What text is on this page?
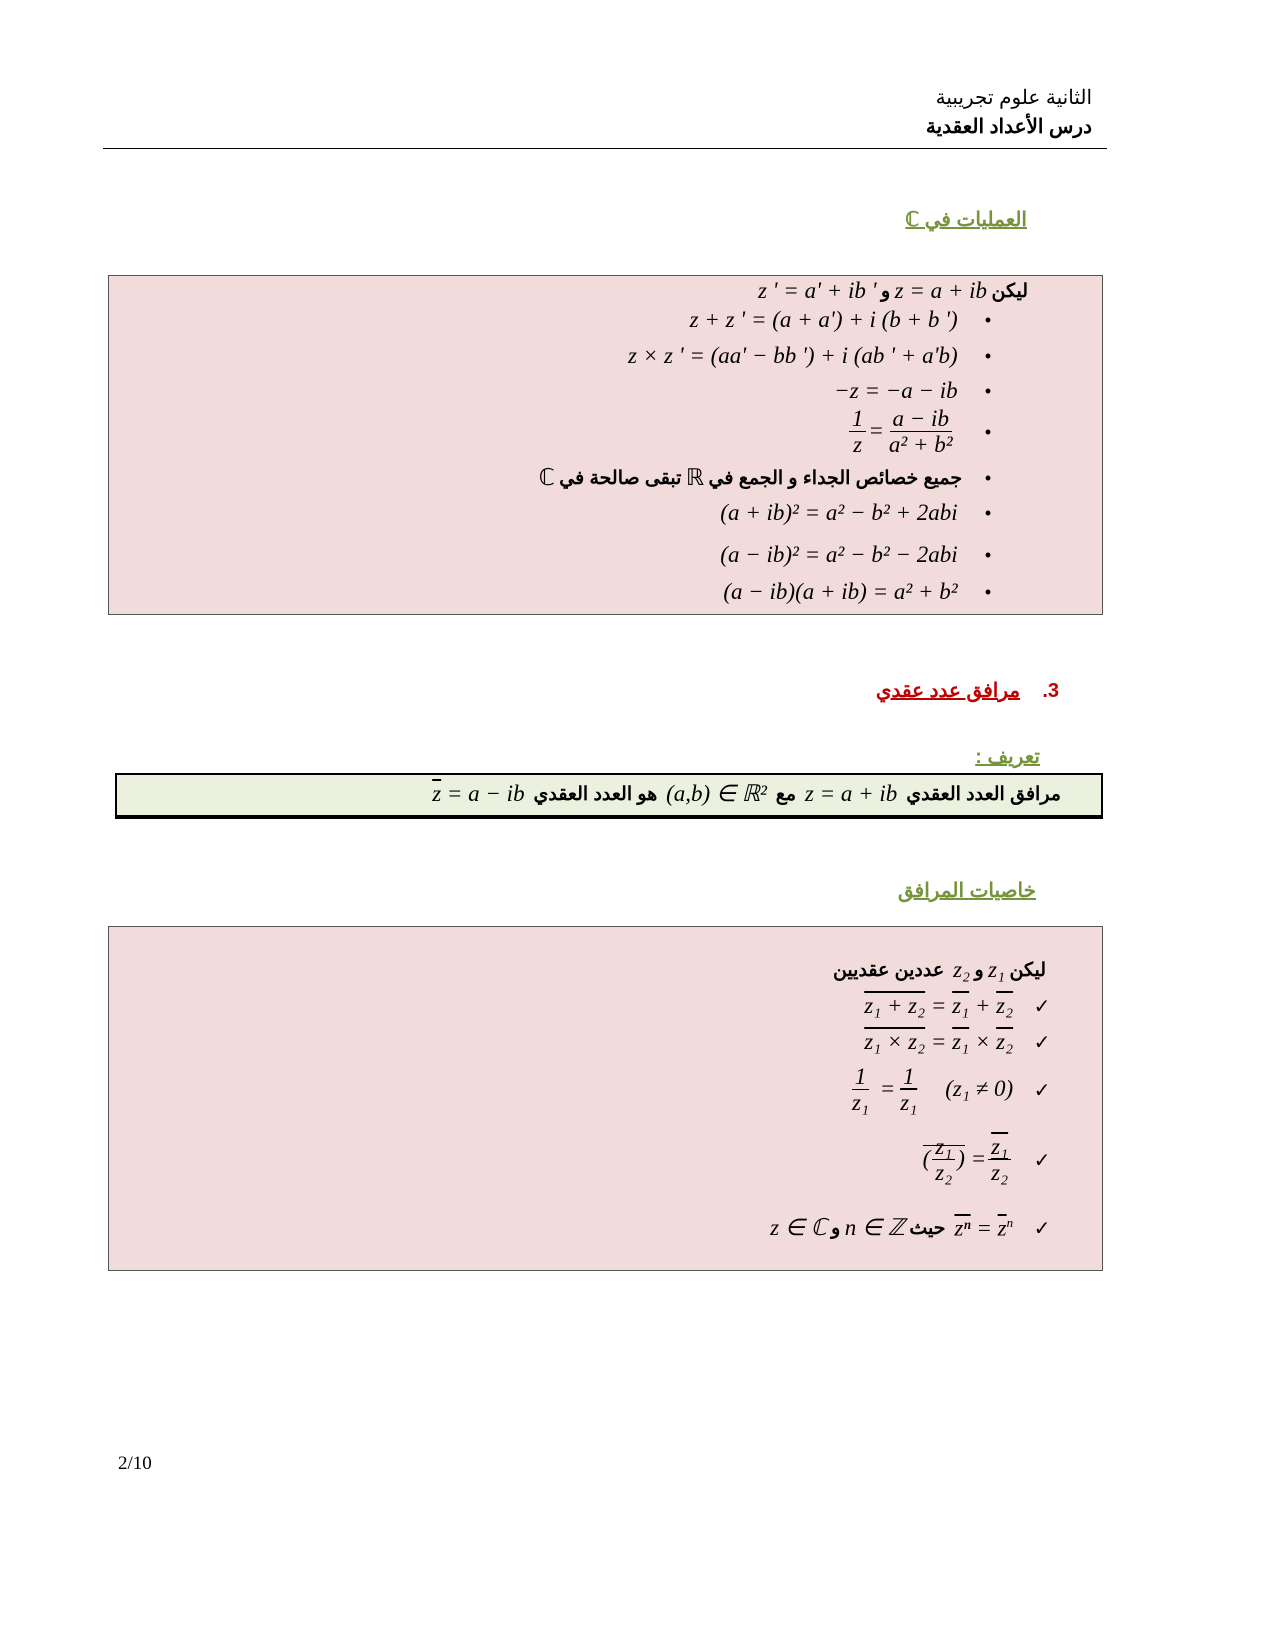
الثانية علوم تجريبية
درس الأعداد العقدية
العمليات في ℂ
ليكن

z = a + ib

و

z ' = a' + ib '
•

z + z ' = (a + a') + i (b + b ')
•

z × z ' = (aa' − bb ') + i (ab ' + a'b)
•

−z = −a − ib
•

$\frac{1}{z} = \frac{a - ib}{\text{a² + b²}}$
•

جميع خصائص الجداء و الجمع في

ℝ

تبقى صالحة في

ℂ
•

(a + ib)² = a² − b² + 2abi
•

(a − ib)² = a² − b² − 2abi
•

(a − ib)(a + ib) = a² + b²
3.    مرافق عدد عقدي
تعريف :
مرافق العدد العقدي

z = a + ib

مع

(a,b) ∈ ℝ²

هو العدد العقدي

$\overline{z} = a$ − ib
خاصيات المرافق
ليكن

z₁

و

z₂

عددين عقديين
✓

z₁ + z₂ = z₁ + z₂
✓

z₁ × z₂ = z₁ × z₂
✓

$\frac{1}{\text{z₁}} = \frac{1}{\text{z₁}} (z_1 \ne 0)$
✓

( $\frac{\text{z₁}}{\text{z₂}}$ ) = $\frac{\text{z₁}}{\text{z₂}}$
✓

$\overline{z^n} = \overline{z}^n$

حيث

n ∈ ℤ

و

z ∈ ℂ
2/10
